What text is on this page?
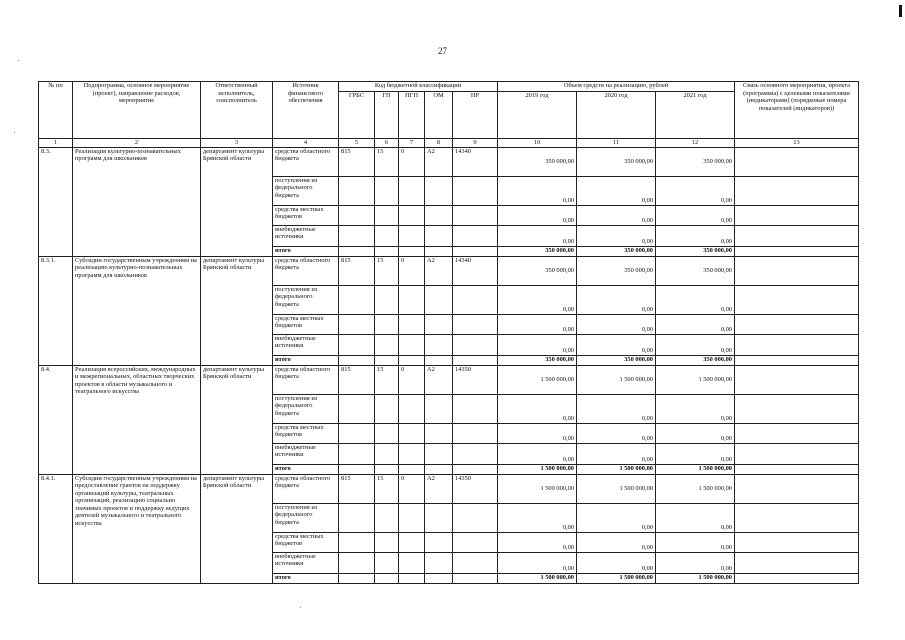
27
№ пп	Подпрограмма, основное мероприятие (проект), направление расходов, мероприятие	Ответственный исполнитель, соисполнитель	Источник финансового обеспечения	Код бюджетной классификации					Объем средств на реализацию, рублей			Связь основного мероприятия, проекта (программы) с целевыми показателями (индикаторами) (порядковые номера показателей (индикаторов))
				ГРБС	ГП	ПГП	ОМ	НР	2019 год	2020 год	2021 год	
1	2	3	4	5	6	7	8	9	10	11	12	13
8.3.	Реализация культурно-познавательных программ для школьников	департамент культуры Брянской области	средства областного бюджета	815	15	0	А2	14340	350 000,00	350 000,00	350 000,00	
			поступления из федерального бюджета						0,00	0,00	0,00	
			средства местных бюджетов						0,00	0,00	0,00	
			внебюджетные источники						0,00	0,00	0,00	
			итого						350 000,00	350 000,00	350 000,00	
8.3.1.	Субсидии государственным учреждениям на реализацию культурно-познавательных программ для школьников	департамент культуры Брянской области	средства областного бюджета	815	15	0	А2	14340	350 000,00	350 000,00	350 000,00	
			поступления из федерального бюджета						0,00	0,00	0,00	
			средства местных бюджетов						0,00	0,00	0,00	
			внебюджетные источники						0,00	0,00	0,00	
			итого						350 000,00	350 000,00	350 000,00	
8.4.	Реализация всероссийских, международных и межрегиональных, областных творческих проектов в области музыкального и театрального искусства	департамент культуры Брянской области	средства областного бюджета	815	15	0	А2	14350	1 500 000,00	1 500 000,00	1 500 000,00	
			поступления из федерального бюджета						0,00	0,00	0,00	
			средства местных бюджетов						0,00	0,00	0,00	
			внебюджетные источники						0,00	0,00	0,00	
			итого						1 500 000,00	1 500 000,00	1 500 000,00	
8.4.1.	Субсидии государственным учреждениям на предоставление грантов на поддержку организаций культуры, театральных организаций, реализацию социально значимых проектов и поддержку ведущих деятелей музыкального и театрального искусства	департамент культуры Брянской области	средства областного бюджета	815	15	0	А2	14350	1 500 000,00	1 500 000,00	1 500 000,00	
			поступления из федерального бюджета						0,00	0,00	0,00	
			средства местных бюджетов						0,00	0,00	0,00	
			внебюджетные источники						0,00	0,00	0,00	
			итого						1 500 000,00	1 500 000,00	1 500 000,00	
